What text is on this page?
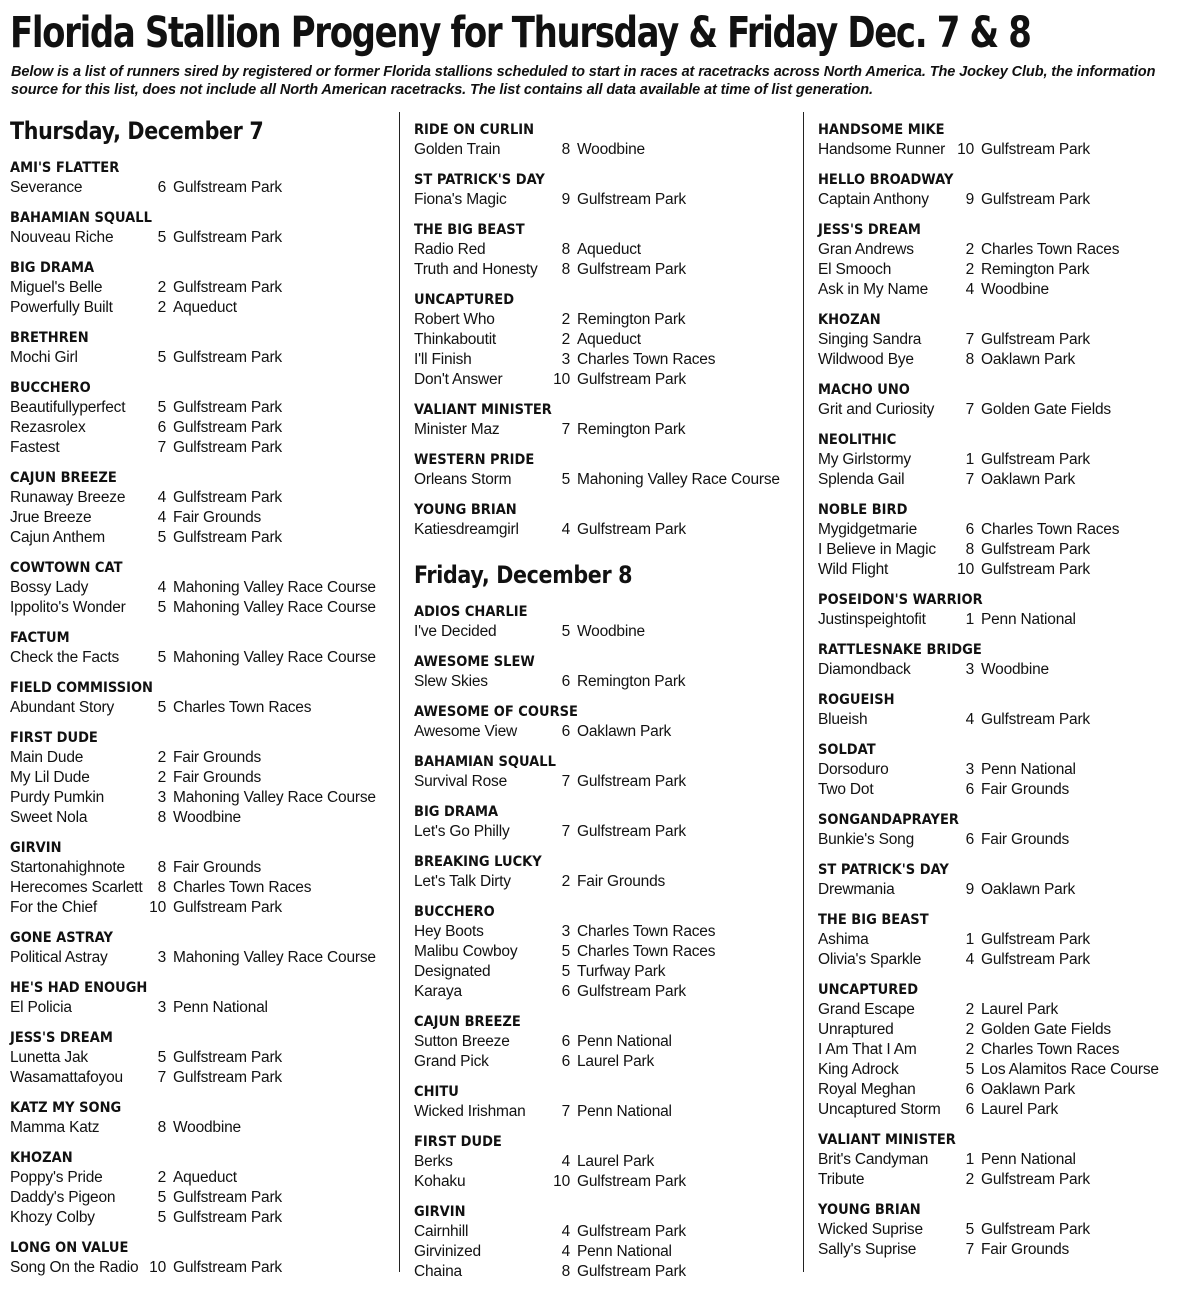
Florida Stallion Progeny for Thursday & Friday Dec. 7 & 8
Below is a list of runners sired by registered or former Florida stallions scheduled to start in races at racetracks across North America. The Jockey Club, the information source for this list, does not include all North American racetracks. The list contains all data available at time of list generation.
Thursday, December 7
AMI'S FLATTER
Severance	6 Gulfstream Park
BAHAMIAN SQUALL
Nouveau Riche	5 Gulfstream Park
BIG DRAMA
Miguel's Belle	2 Gulfstream Park
Powerfully Built	2 Aqueduct
BRETHREN
Mochi Girl	5 Gulfstream Park
BUCCHERO
Beautifullyperfect	5 Gulfstream Park
Rezasrolex	6 Gulfstream Park
Fastest	7 Gulfstream Park
CAJUN BREEZE
Runaway Breeze	4 Gulfstream Park
Jrue Breeze	4 Fair Grounds
Cajun Anthem	5 Gulfstream Park
COWTOWN CAT
Bossy Lady	4 Mahoning Valley Race Course
Ippolito's Wonder	5 Mahoning Valley Race Course
FACTUM
Check the Facts	5 Mahoning Valley Race Course
FIELD COMMISSION
Abundant Story	5 Charles Town Races
FIRST DUDE
Main Dude	2 Fair Grounds
My Lil Dude	2 Fair Grounds
Purdy Pumkin	3 Mahoning Valley Race Course
Sweet Nola	8 Woodbine
GIRVIN
Startonahighnote	8 Fair Grounds
Herecomes Scarlett 8 Charles Town Races
For the Chief	10 Gulfstream Park
GONE ASTRAY
Political Astray	3 Mahoning Valley Race Course
HE'S HAD ENOUGH
El Policia	3 Penn National
JESS'S DREAM
Lunetta Jak	5 Gulfstream Park
Wasamattafoyou	7 Gulfstream Park
KATZ MY SONG
Mamma Katz	8 Woodbine
KHOZAN
Poppy's Pride	2 Aqueduct
Daddy's Pigeon	5 Gulfstream Park
Khozy Colby	5 Gulfstream Park
LONG ON VALUE
Song On the Radio 10 Gulfstream Park
RIDE ON CURLIN
Golden Train	8 Woodbine
ST PATRICK'S DAY
Fiona's Magic	9 Gulfstream Park
THE BIG BEAST
Radio Red	8 Aqueduct
Truth and Honesty	8 Gulfstream Park
UNCAPTURED
Robert Who	2 Remington Park
Thinkaboutit	2 Aqueduct
I'll Finish	3 Charles Town Races
Don't Answer	10 Gulfstream Park
VALIANT MINISTER
Minister Maz	7 Remington Park
WESTERN PRIDE
Orleans Storm	5 Mahoning Valley Race Course
YOUNG BRIAN
Katiesdreamgirl	4 Gulfstream Park
Friday, December 8
ADIOS CHARLIE
I've Decided	5 Woodbine
AWESOME SLEW
Slew Skies	6 Remington Park
AWESOME OF COURSE
Awesome View	6 Oaklawn Park
BAHAMIAN SQUALL
Survival Rose	7 Gulfstream Park
BIG DRAMA
Let's Go Philly	7 Gulfstream Park
BREAKING LUCKY
Let's Talk Dirty	2 Fair Grounds
BUCCHERO
Hey Boots	3 Charles Town Races
Malibu Cowboy	5 Charles Town Races
Designated	5 Turfway Park
Karaya	6 Gulfstream Park
CAJUN BREEZE
Sutton Breeze	6 Penn National
Grand Pick	6 Laurel Park
CHITU
Wicked Irishman	7 Penn National
FIRST DUDE
Berks	4 Laurel Park
Kohaku	10 Gulfstream Park
GIRVIN
Cairnhill	4 Gulfstream Park
Girvinized	4 Penn National
Chaina	8 Gulfstream Park
HANDSOME MIKE
Handsome Runner 10 Gulfstream Park
HELLO BROADWAY
Captain Anthony	9 Gulfstream Park
JESS'S DREAM
Gran Andrews	2 Charles Town Races
El Smooch	2 Remington Park
Ask in My Name	4 Woodbine
KHOZAN
Singing Sandra	7 Gulfstream Park
Wildwood Bye	8 Oaklawn Park
MACHO UNO
Grit and Curiosity	7 Golden Gate Fields
NEOLITHIC
My Girlstormy	1 Gulfstream Park
Splenda Gail	7 Oaklawn Park
NOBLE BIRD
Mygidgetmarie	6 Charles Town Races
I Believe in Magic	8 Gulfstream Park
Wild Flight	10 Gulfstream Park
POSEIDON'S WARRIOR
Justinspeightofit	1 Penn National
RATTLESNAKE BRIDGE
Diamondback	3 Woodbine
ROGUEISH
Blueish	4 Gulfstream Park
SOLDAT
Dorsoduro	3 Penn National
Two Dot	6 Fair Grounds
SONGANDAPRAYER
Bunkie's Song	6 Fair Grounds
ST PATRICK'S DAY
Drewmania	9 Oaklawn Park
THE BIG BEAST
Ashima	1 Gulfstream Park
Olivia's Sparkle	4 Gulfstream Park
UNCAPTURED
Grand Escape	2 Laurel Park
Unraptured	2 Golden Gate Fields
I Am That I Am	2 Charles Town Races
King Adrock	5 Los Alamitos Race Course
Royal Meghan	6 Oaklawn Park
Uncaptured Storm	6 Laurel Park
VALIANT MINISTER
Brit's Candyman	1 Penn National
Tribute	2 Gulfstream Park
YOUNG BRIAN
Wicked Suprise	5 Gulfstream Park
Sally's Suprise	7 Fair Grounds
